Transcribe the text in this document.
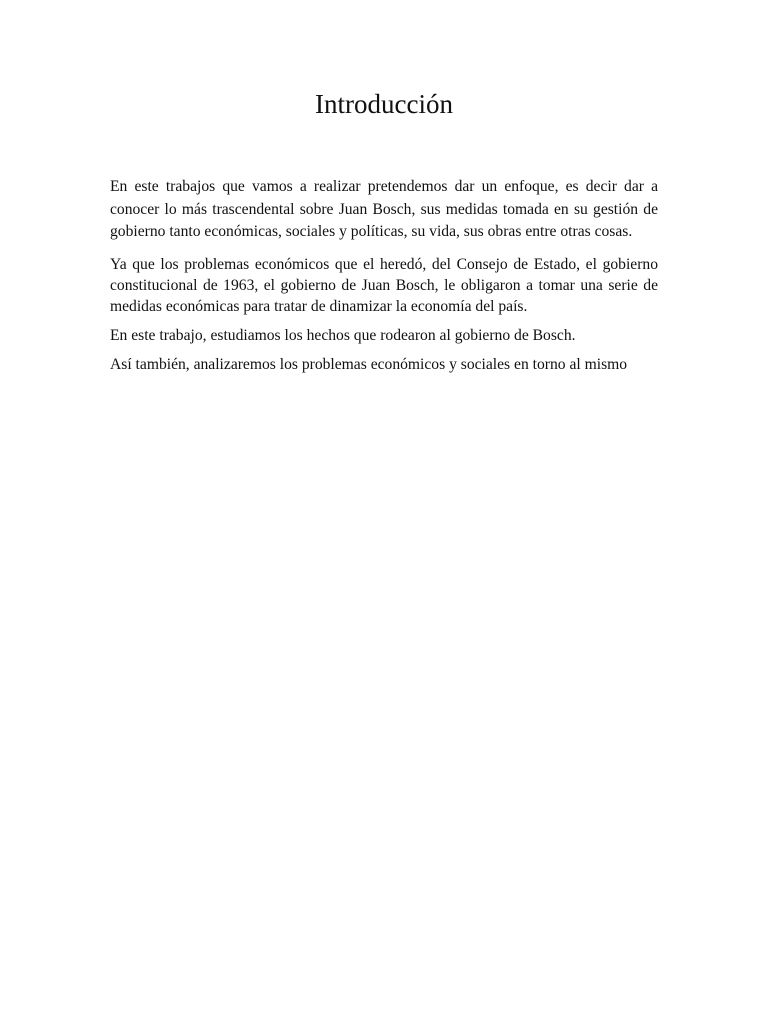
Introducción

En este trabajos que vamos a realizar pretendemos dar un enfoque, es decir dar a conocer lo más trascendental sobre Juan Bosch, sus medidas tomada en su gestión de gobierno tanto económicas, sociales y políticas, su vida, sus obras entre otras cosas.

Ya que los problemas económicos que el heredó, del Consejo de Estado, el gobierno constitucional de 1963, el gobierno de Juan Bosch, le obligaron a tomar una serie de medidas económicas para tratar de dinamizar la economía del país.

En este trabajo, estudiamos los hechos que rodearon al gobierno de Bosch.

Así también, analizaremos los problemas económicos y sociales en torno al mismo
